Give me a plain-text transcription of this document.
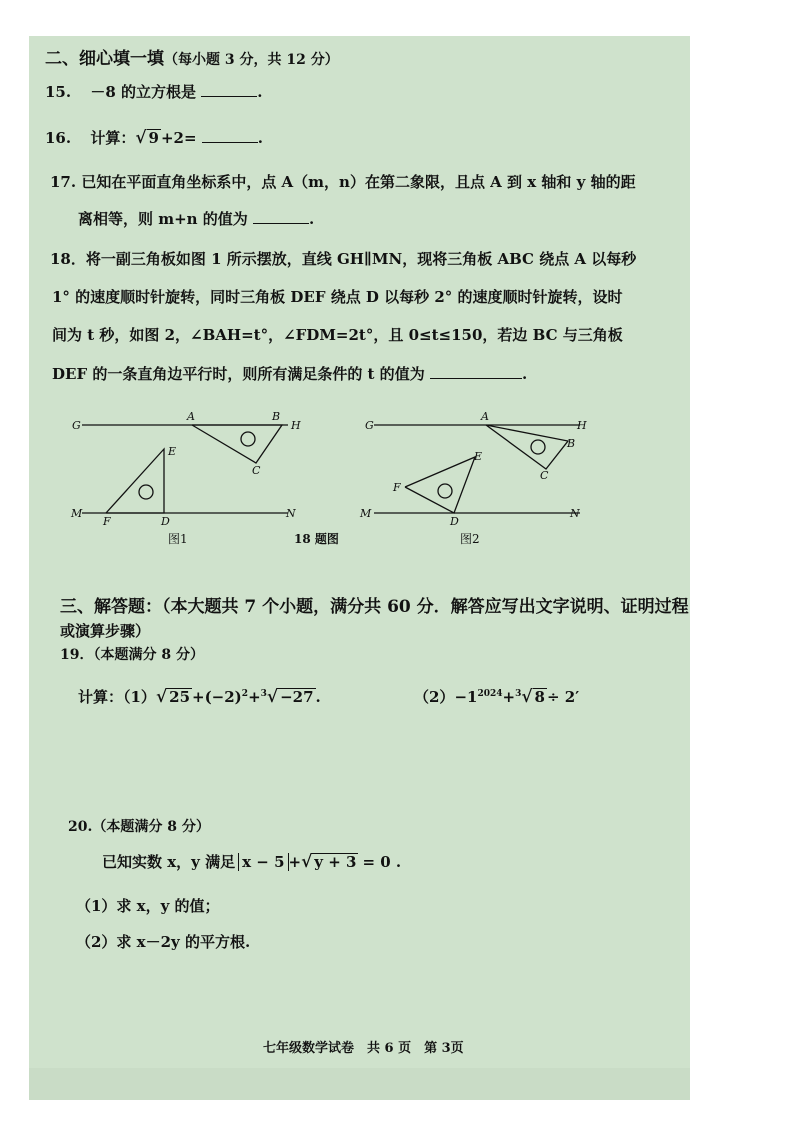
二、细心填一填（每小题 3 分，共 12 分）
15. －8 的立方根是	.
16. 计算：√ 9 +2=	.
17. 已知在平面直角坐标系中，点 A（m，n）在第二象限，且点 A 到 x 轴和 y 轴的距
离相等，则 m+n 的值为	.
18．将一副三角板如图 1 所示摆放，直线 GH∥MN，现将三角板 ABC 绕点 A 以每秒
1° 的速度顺时针旋转，同时三角板 DEF 绕点 D 以每秒 2° 的速度顺时针旋转，设时
间为 t 秒，如图 2，∠BAH=t°，∠FDM=2t°，且 0≤t≤150，若边 BC 与三角板
DEF 的一条直角边平行时，则所有满足条件的 t 的值为	.
G
A	B
H
C
E
M
F	D
N
G
A
H
B
C
E
F
M
D
N
图1	18 题图	图2
三、解答题：（本大题共 7 个小题，满分共 60 分．解答应写出文字说明、证明过程
或演算步骤）
19．（本题满分 8 分）
计算：（1）√ $25 +(-2)^2+^3√ -27$ .	$(2)-1^{2024}+^3√$ 8 ÷ 2′
20.（本题满分 8 分）
已知实数 x，y 满足 x − 5 +√ y + 3 = 0 .
（1）求 x，y 的值；
（2）求 x－2y 的平方根.
七年级数学试卷　共 6 页　第 3页
